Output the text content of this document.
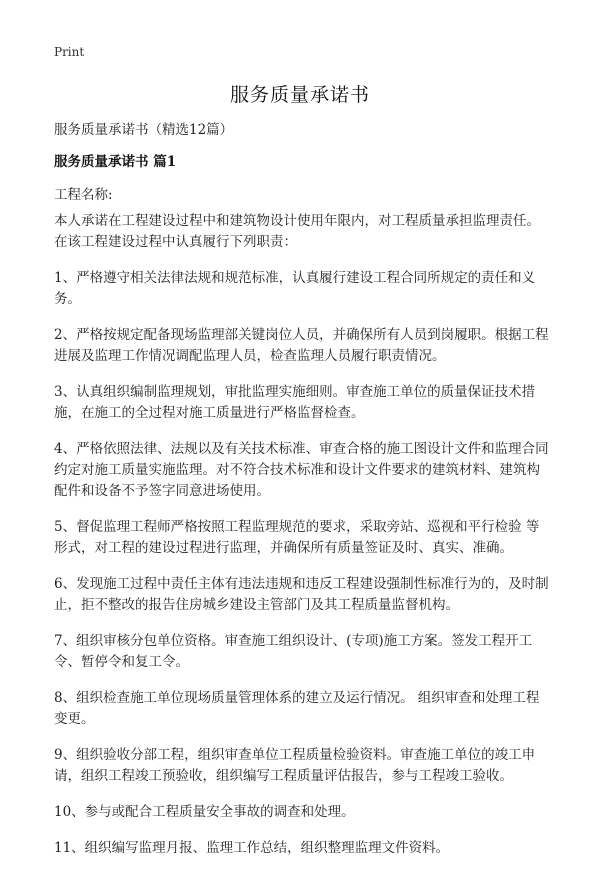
Print
服务质量承诺书
服务质量承诺书（精选12篇）
服务质量承诺书 篇1
工程名称:

本人承诺在工程建设过程中和建筑物设计使用年限内，对工程质量承担监理责任。在该工程建设过程中认真履行下列职责：

1、严格遵守相关法律法规和规范标准，认真履行建设工程合同所规定的责任和义务。

2、严格按规定配备现场监理部关键岗位人员，并确保所有人员到岗履职。根据工程进展及监理工作情况调配监理人员，检查监理人员履行职责情况。

3、认真组织编制监理规划，审批监理实施细则。审查施工单位的质量保证技术措施，在施工的全过程对施工质量进行严格监督检查。

4、严格依照法律、法规以及有关技术标准、审查合格的施工图设计文件和监理合同约定对施工质量实施监理。对不符合技术标准和设计文件要求的建筑材料、建筑构配件和设备不予签字同意进场使用。

5、督促监理工程师严格按照工程监理规范的要求，采取旁站、巡视和平行检验 等形式，对工程的建设过程进行监理，并确保所有质量签证及时、真实、准确。

6、发现施工过程中责任主体有违法违规和违反工程建设强制性标准行为的，及时制止，拒不整改的报告住房城乡建设主管部门及其工程质量监督机构。

7、组织审核分包单位资格。审查施工组织设计、(专项)施工方案。签发工程开工令、暂停令和复工令。

8、组织检查施工单位现场质量管理体系的建立及运行情况。 组织审查和处理工程变更。

9、组织验收分部工程，组织审查单位工程质量检验资料。审查施工单位的竣工申请，组织工程竣工预验收，组织编写工程质量评估报告，参与工程竣工验收。

10、参与或配合工程质量安全事故的调查和处理。

11、组织编写监理月报、监理工作总结，组织整理监理文件资料。
